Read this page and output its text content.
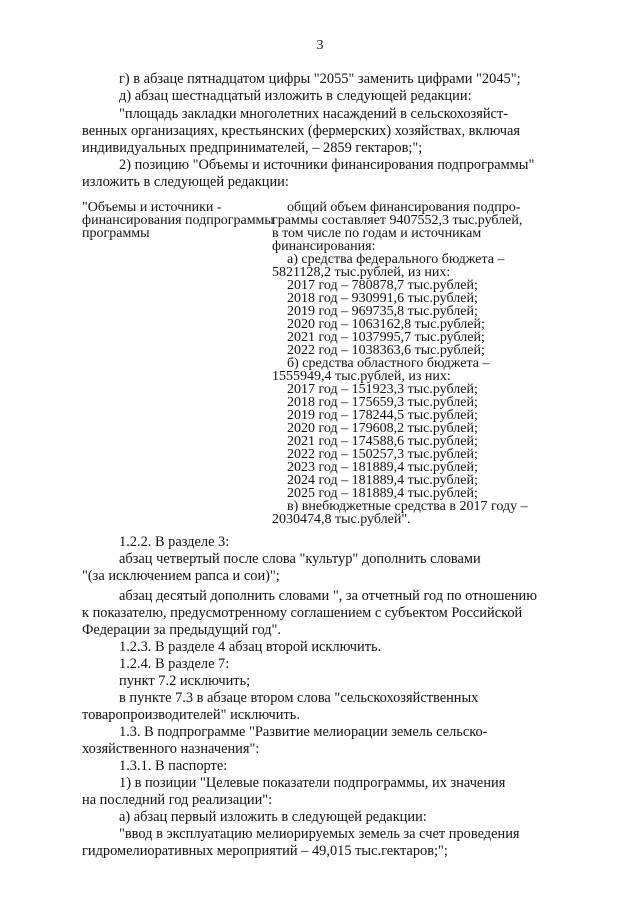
3
г) в абзаце пятнадцатом цифры "2055" заменить цифрами "2045";
д) абзац шестнадцатый изложить в следующей редакции:
"площадь закладки многолетних насаждений в сельскохозяйст-
венных организациях, крестьянских (фермерских) хозяйствах, включая
индивидуальных предпринимателей, – 2859 гектаров;";
2) позицию "Объемы и источники финансирования подпрограммы"
изложить в следующей редакции:
"Объемы и источники -
финансирования подпрограммы
программы
общий объем финансирования подпро-
граммы составляет 9407552,3 тыс.рублей,
в том числе по годам и источникам
финансирования:
а) средства федерального бюджета –
5821128,2 тыс.рублей, из них:
2017 год – 780878,7 тыс.рублей;
2018 год – 930991,6 тыс.рублей;
2019 год – 969735,8 тыс.рублей;
2020 год – 1063162,8 тыс.рублей;
2021 год – 1037995,7 тыс.рублей;
2022 год – 1038363,6 тыс.рублей;
б) средства областного бюджета –
1555949,4 тыс.рублей, из них:
2017 год – 151923,3 тыс.рублей;
2018 год – 175659,3 тыс.рублей;
2019 год – 178244,5 тыс.рублей;
2020 год – 179608,2 тыс.рублей;
2021 год – 174588,6 тыс.рублей;
2022 год – 150257,3 тыс.рублей;
2023 год – 181889,4 тыс.рублей;
2024 год – 181889,4 тыс.рублей;
2025 год – 181889,4 тыс.рублей;
в) внебюджетные средства в 2017 году –
2030474,8 тыс.рублей".
1.2.2. В разделе 3:
абзац четвертый после слова "культур" дополнить словами
"(за исключением рапса и сои)";
абзац десятый дополнить словами ", за отчетный год по отношению
к показателю, предусмотренному соглашением с субъектом Российской
Федерации за предыдущий год".
1.2.3. В разделе 4 абзац второй исключить.
1.2.4. В разделе 7:
пункт 7.2 исключить;
в пункте 7.3 в абзаце втором слова "сельскохозяйственных
товаропроизводителей" исключить.
1.3. В подпрограмме "Развитие мелиорации земель сельско-
хозяйственного назначения":
1.3.1. В паспорте:
1) в позиции "Целевые показатели подпрограммы, их значения
на последний год реализации":
а) абзац первый изложить в следующей редакции:
"ввод в эксплуатацию мелиорируемых земель за счет проведения
гидромелиоративных мероприятий – 49,015 тыс.гектаров;";
